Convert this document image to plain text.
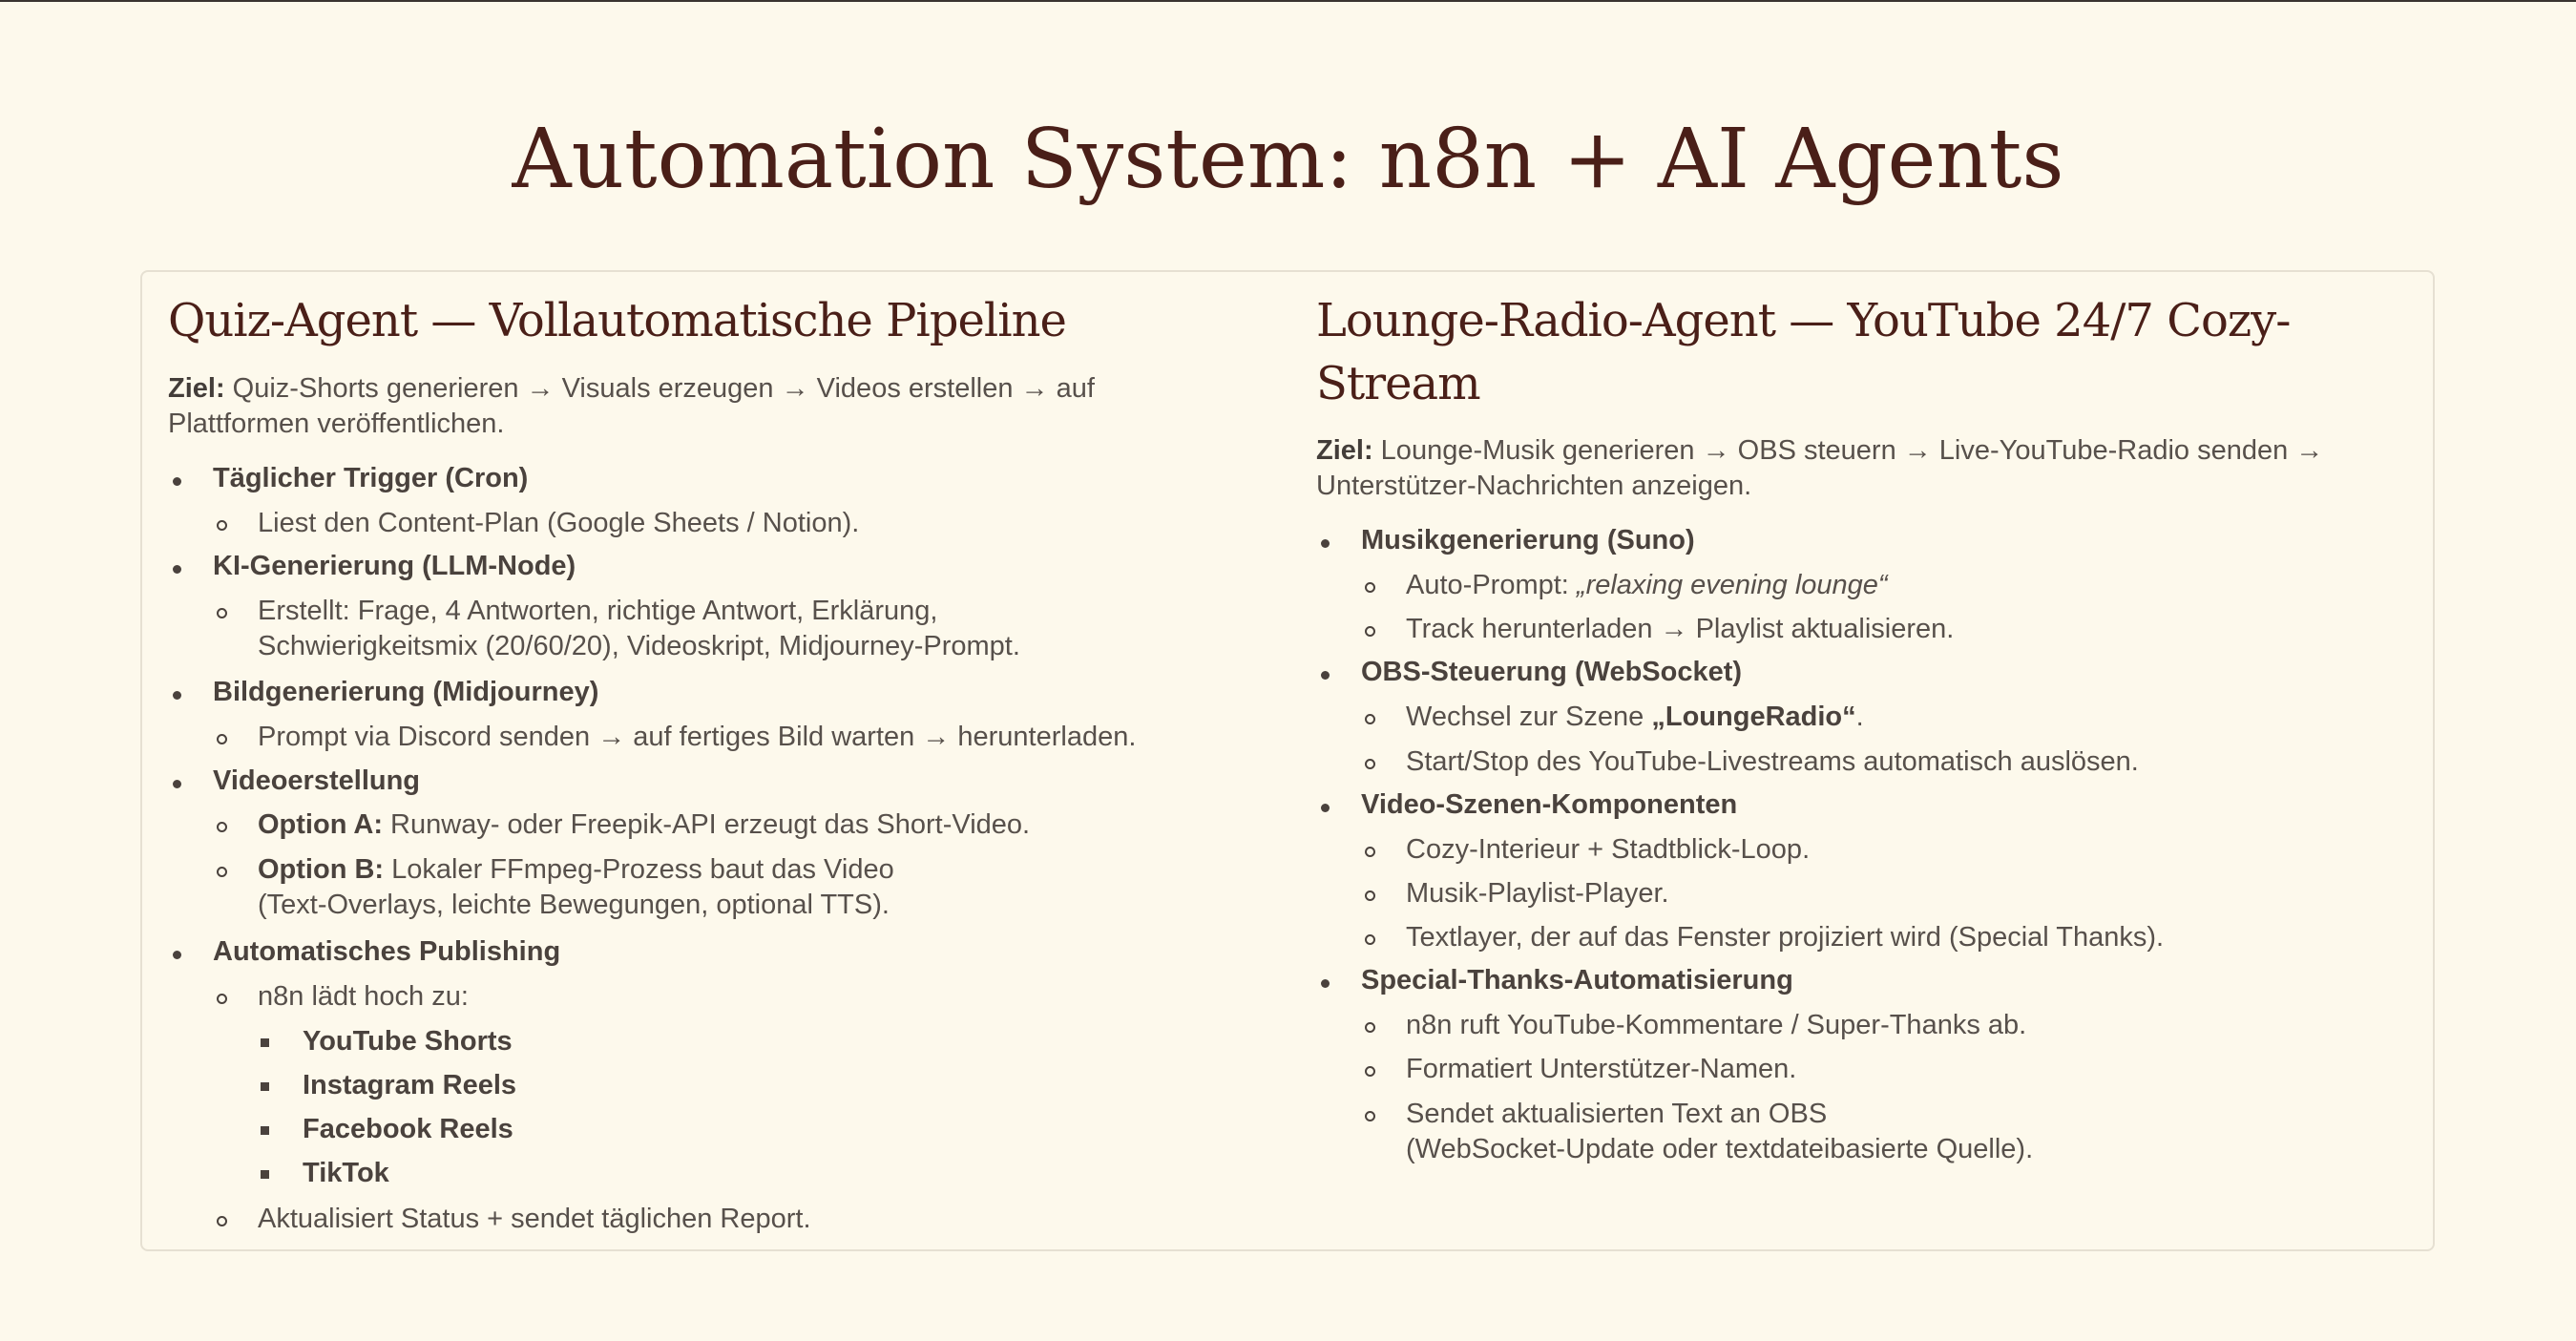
Automation System: n8n + AI Agents
Quiz-Agent — Vollautomatische Pipeline
Ziel: Quiz-Shorts generieren → Visuals erzeugen → Videos erstellen → auf
Plattformen veröffentlichen.
Täglicher Trigger (Cron)
Liest den Content-Plan (Google Sheets / Notion).
KI-Generierung (LLM-Node)
Erstellt: Frage, 4 Antworten, richtige Antwort, Erklärung,
Schwierigkeitsmix (20/60/20), Videoskript, Midjourney-Prompt.
Bildgenerierung (Midjourney)
Prompt via Discord senden → auf fertiges Bild warten → herunterladen.
Videoerstellung
Option A: Runway- oder Freepik-API erzeugt das Short-Video.
Option B: Lokaler FFmpeg-Prozess baut das Video
(Text-Overlays, leichte Bewegungen, optional TTS).
Automatisches Publishing
n8n lädt hoch zu:
YouTube Shorts
Instagram Reels
Facebook Reels
TikTok
Aktualisiert Status + sendet täglichen Report.
Lounge-Radio-Agent — YouTube 24/7 Cozy-
Stream
Ziel: Lounge-Musik generieren → OBS steuern → Live-YouTube-Radio senden →
Unterstützer-Nachrichten anzeigen.
Musikgenerierung (Suno)
Auto-Prompt: „relaxing evening lounge“
Track herunterladen → Playlist aktualisieren.
OBS-Steuerung (WebSocket)
Wechsel zur Szene „LoungeRadio“.
Start/Stop des YouTube-Livestreams automatisch auslösen.
Video-Szenen-Komponenten
Cozy-Interieur + Stadtblick-Loop.
Musik-Playlist-Player.
Textlayer, der auf das Fenster projiziert wird (Special Thanks).
Special-Thanks-Automatisierung
n8n ruft YouTube-Kommentare / Super-Thanks ab.
Formatiert Unterstützer-Namen.
Sendet aktualisierten Text an OBS
(WebSocket-Update oder textdateibasierte Quelle).
